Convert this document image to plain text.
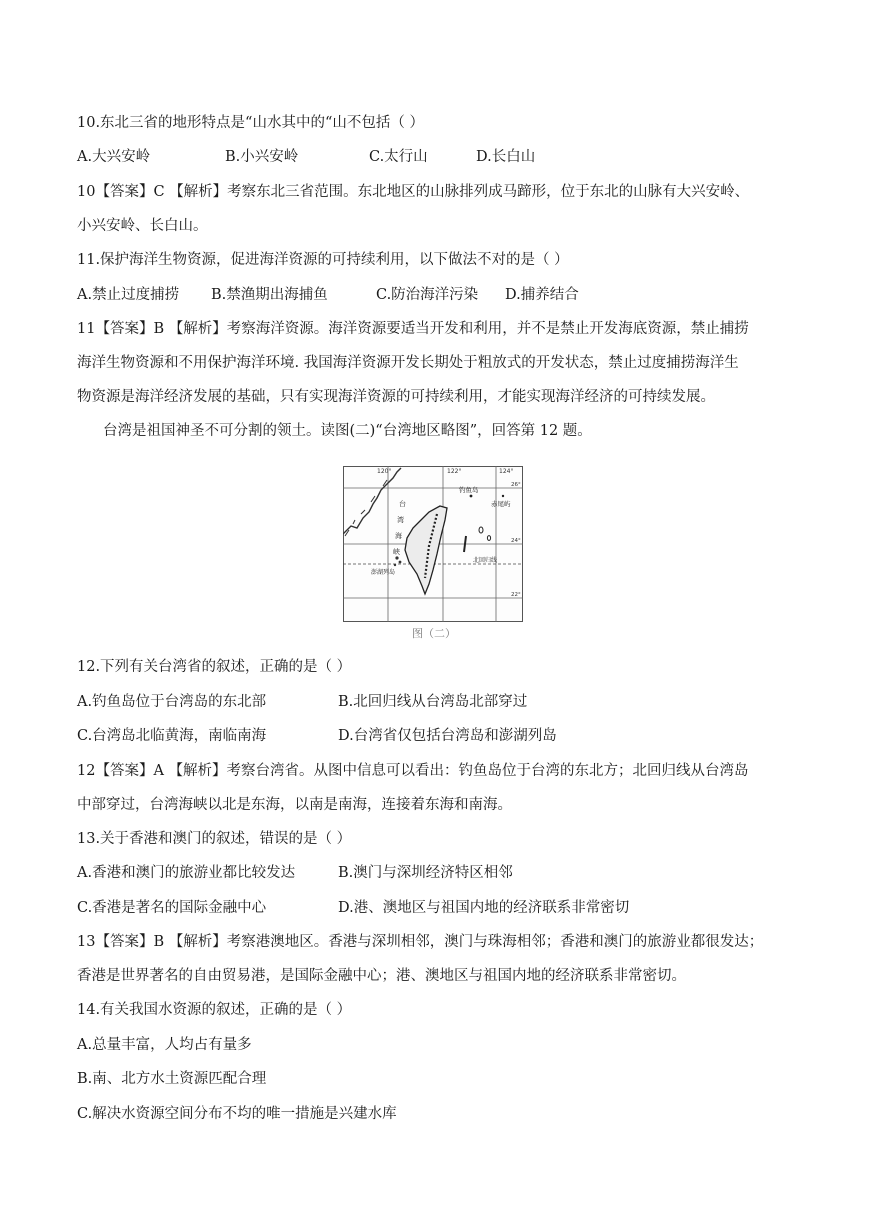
10.东北三省的地形特点是“山水其中的“山不包括（ ）
A.大兴安岭	B.小兴安岭	C.太行山	D.长白山
10【答案】C 【解析】考察东北三省范围。东北地区的山脉排列成马蹄形，位于东北的山脉有大兴安岭、
小兴安岭、长白山。
11.保护海洋生物资源，促进海洋资源的可持续利用，以下做法不对的是（ ）
A.禁止过度捕捞 B.禁渔期出海捕鱼	C.防治海洋污染 D.捕养结合
11【答案】B 【解析】考察海洋资源。海洋资源要适当开发和利用，并不是禁止开发海底资源，禁止捕捞
海洋生物资源和不用保护海洋环境. 我国海洋资源开发长期处于粗放式的开发状态，禁止过度捕捞海洋生
物资源是海洋经济发展的基础，只有实现海洋资源的可持续利用，才能实现海洋经济的可持续发展。
台湾是祖国神圣不可分割的领土。读图(二)“台湾地区略图”，回答第 12 题。
120°	122°	124°
26°
24°
22°
钓鱼岛
赤尾屿
台
湾
海
峡
澎湖列岛
北回归线
图（二）
12.下列有关台湾省的叙述，正确的是（ ）
A.钓鱼岛位于台湾岛的东北部	B.北回归线从台湾岛北部穿过
C.台湾岛北临黄海，南临南海	D.台湾省仅包括台湾岛和澎湖列岛
12【答案】A 【解析】考察台湾省。从图中信息可以看出：钓鱼岛位于台湾的东北方；北回归线从台湾岛
中部穿过，台湾海峡以北是东海，以南是南海，连接着东海和南海。
13.关于香港和澳门的叙述，错误的是（ ）
A.香港和澳门的旅游业都比较发达	B.澳门与深圳经济特区相邻
C.香港是著名的国际金融中心	D.港、澳地区与祖国内地的经济联系非常密切
13【答案】B 【解析】考察港澳地区。香港与深圳相邻，澳门与珠海相邻；香港和澳门的旅游业都很发达；
香港是世界著名的自由贸易港，是国际金融中心；港、澳地区与祖国内地的经济联系非常密切。
14.有关我国水资源的叙述，正确的是（ ）
A.总量丰富，人均占有量多
B.南、北方水土资源匹配合理
C.解决水资源空间分布不均的唯一措施是兴建水库
